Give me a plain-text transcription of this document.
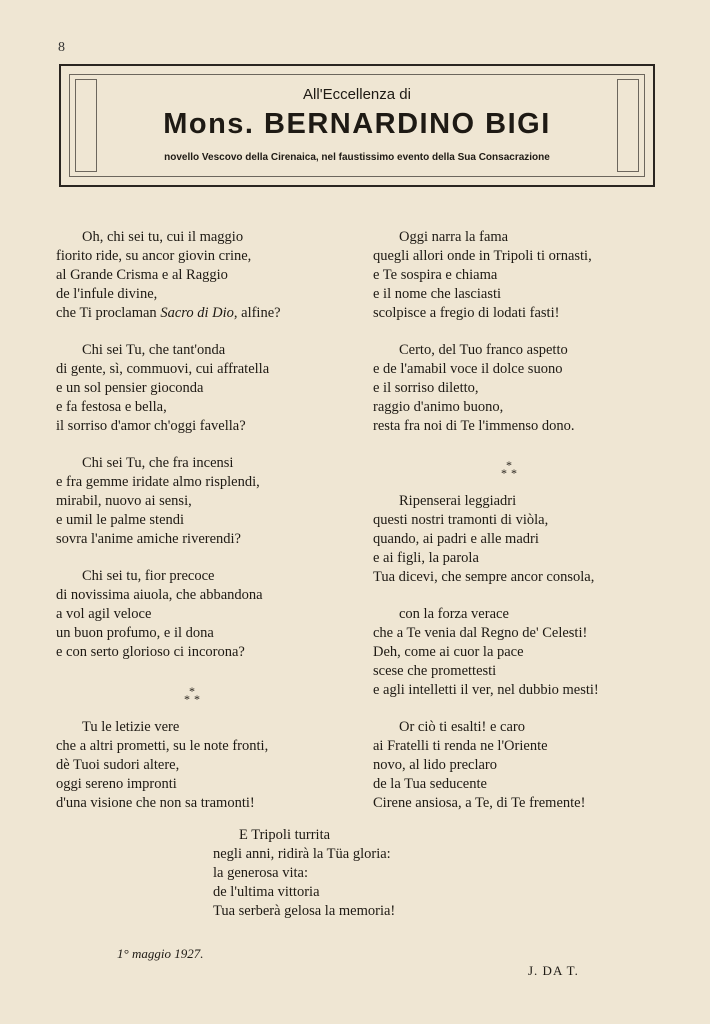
8
All'Eccellenza di
Mons. BERNARDINO BIGI
novello Vescovo della Cirenaica, nel faustissimo evento della Sua Consacrazione
Oh, chi sei tu, cui il maggio
fiorito ride, su ancor giovin crine,
al Grande Crisma e al Raggio
de l'infule divine,
che Ti proclaman Sacro di Dio, alfine?
Chi sei Tu, che tant'onda
di gente, sì, commuovi, cui affratella
e un sol pensier gioconda
e fa festosa e bella,
il sorriso d'amor ch'oggi favella?
Chi sei Tu, che fra incensi
e fra gemme iridate almo risplendi,
mirabil, nuovo ai sensi,
e umil le palme stendi
sovra l'anime amiche riverendi?
Chi sei tu, fior precoce
di novissima aiuola, che abbandona
a vol agil veloce
un buon profumo, e il dona
e con serto glorioso ci incorona?
*
* *
Tu le letizie vere
che a altri prometti, su le note fronti,
dè Tuoi sudori altere,
oggi sereno impronti
d'una visione che non sa tramonti!
Oggi narra la fama
quegli allori onde in Tripoli ti ornasti,
e Te sospira e chiama
e il nome che lasciasti
scolpisce a fregio di lodati fasti!
Certo, del Tuo franco aspetto
e de l'amabil voce il dolce suono
e il sorriso diletto,
raggio d'animo buono,
resta fra noi di Te l'immenso dono.
*
* *
Ripenserai leggiadri
questi nostri tramonti di viòla,
quando, ai padri e alle madri
e ai figli, la parola
Tua dicevi, che sempre ancor consola,
con la forza verace
che a Te venia dal Regno de' Celesti!
Deh, come ai cuor la pace
scese che promettesti
e agli intelletti il ver, nel dubbio mesti!
Or ciò ti esalti! e caro
ai Fratelli ti renda ne l'Oriente
novo, al lido preclaro
de la Tua seducente
Cirene ansiosa, a Te, di Te fremente!
E Tripoli turrita
negli anni, ridirà la Tüa gloria:
la generosa vita:
de l'ultima vittoria
Tua serberà gelosa la memoria!
1° maggio 1927.
J. DA T.
